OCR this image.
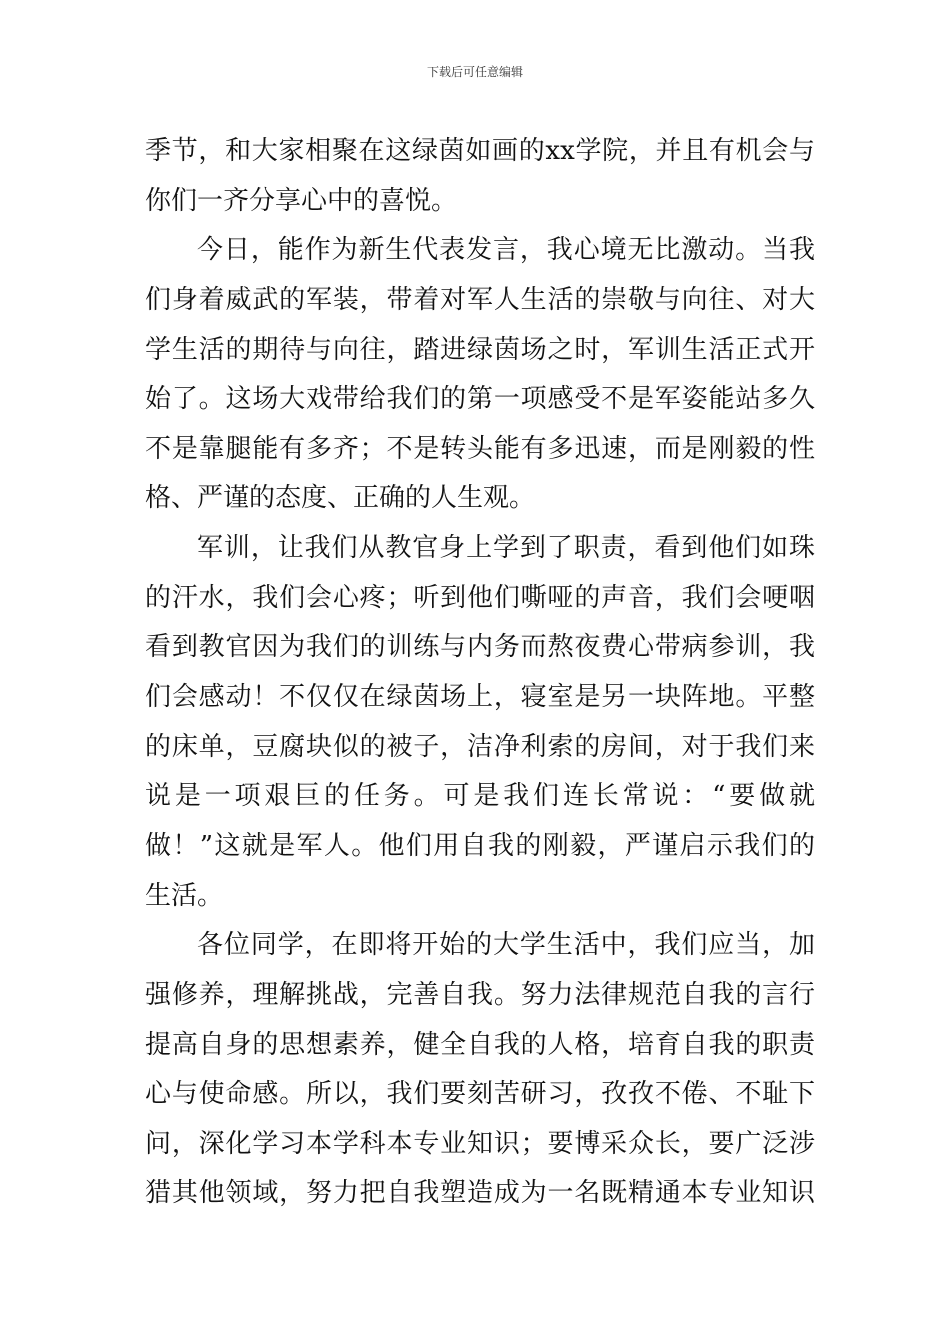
下载后可任意编辑
季节，和大家相聚在这绿茵如画的xx学院，并且有机会与
你们一齐分享心中的喜悦。
今日，能作为新生代表发言，我心境无比激动。当我
们身着威武的军装，带着对军人生活的崇敬与向往、对大
学生活的期待与向往，踏进绿茵场之时，军训生活正式开
始了。这场大戏带给我们的第一项感受不是军姿能站多久
不是靠腿能有多齐；不是转头能有多迅速，而是刚毅的性
格、严谨的态度、正确的人生观。
军训，让我们从教官身上学到了职责，看到他们如珠
的汗水，我们会心疼；听到他们嘶哑的声音，我们会哽咽
看到教官因为我们的训练与内务而熬夜费心带病参训，我
们会感动！不仅仅在绿茵场上，寝室是另一块阵地。平整
的床单，豆腐块似的被子，洁净利索的房间，对于我们来
说是一项艰巨的任务。可是我们连长常说：“要做就
做！”这就是军人。他们用自我的刚毅，严谨启示我们的
生活。
各位同学，在即将开始的大学生活中，我们应当，加
强修养，理解挑战，完善自我。努力法律规范自我的言行
提高自身的思想素养，健全自我的人格，培育自我的职责
心与使命感。所以，我们要刻苦研习，孜孜不倦、不耻下
问，深化学习本学科本专业知识；要博采众长，要广泛涉
猎其他领域，努力把自我塑造成为一名既精通本专业知识
